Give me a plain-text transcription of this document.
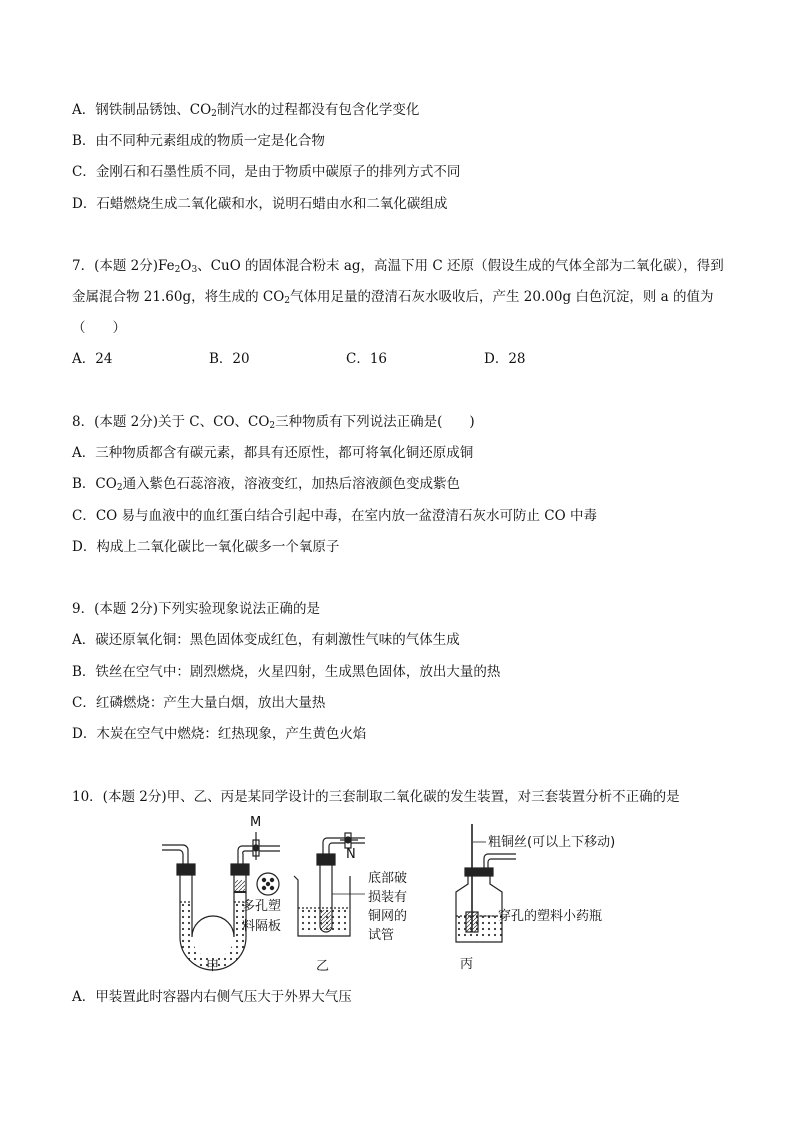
A．钢铁制品锈蚀、$CO_2$制汽水的过程都没有包含化学变化
B．由不同种元素组成的物质一定是化合物
C．金刚石和石墨性质不同，是由于物质中碳原子的排列方式不同
D．石蜡燃烧生成二氧化碳和水，说明石蜡由水和二氧化碳组成
7．(本题 2分)$Fe_2O_3$、CuO 的固体混合粉末 ag，高温下用 C 还原（假设生成的气体全部为二氧化碳），得到
金属混合物 21.60g，将生成的 $CO_2$气体用足量的澄清石灰水吸收后，产生 20.00g 白色沉淀，则 a 的值为
（　　）
A．24	B．20	C．16	D．28
8．(本题 2分)关于 C、CO、$CO_2$三种物质有下列说法正确是(　　)
A．三种物质都含有碳元素，都具有还原性，都可将氧化铜还原成铜
B．$CO_2$通入紫色石蕊溶液，溶液变红，加热后溶液颜色变成紫色
C．CO 易与血液中的血红蛋白结合引起中毒，在室内放一盆澄清石灰水可防止 CO 中毒
D．构成上二氧化碳比一氧化碳多一个氧原子
9．(本题 2分)下列实验现象说法正确的是
A．碳还原氧化铜：黑色固体变成红色，有刺激性气味的气体生成
B．铁丝在空气中：剧烈燃烧，火星四射，生成黑色固体，放出大量的热
C．红磷燃烧：产生大量白烟，放出大量热
D．木炭在空气中燃烧：红热现象，产生黄色火焰
10．(本题 2分)甲、乙、丙是某同学设计的三套制取二氧化碳的发生装置，对三套装置分析不正确的是
M
N
多孔塑
料隔板
底部破
损装有
铜网的
试管
粗铜丝(可以上下移动)
穿孔的塑料小药瓶
甲	乙	丙
A．甲装置此时容器内右侧气压大于外界大气压
